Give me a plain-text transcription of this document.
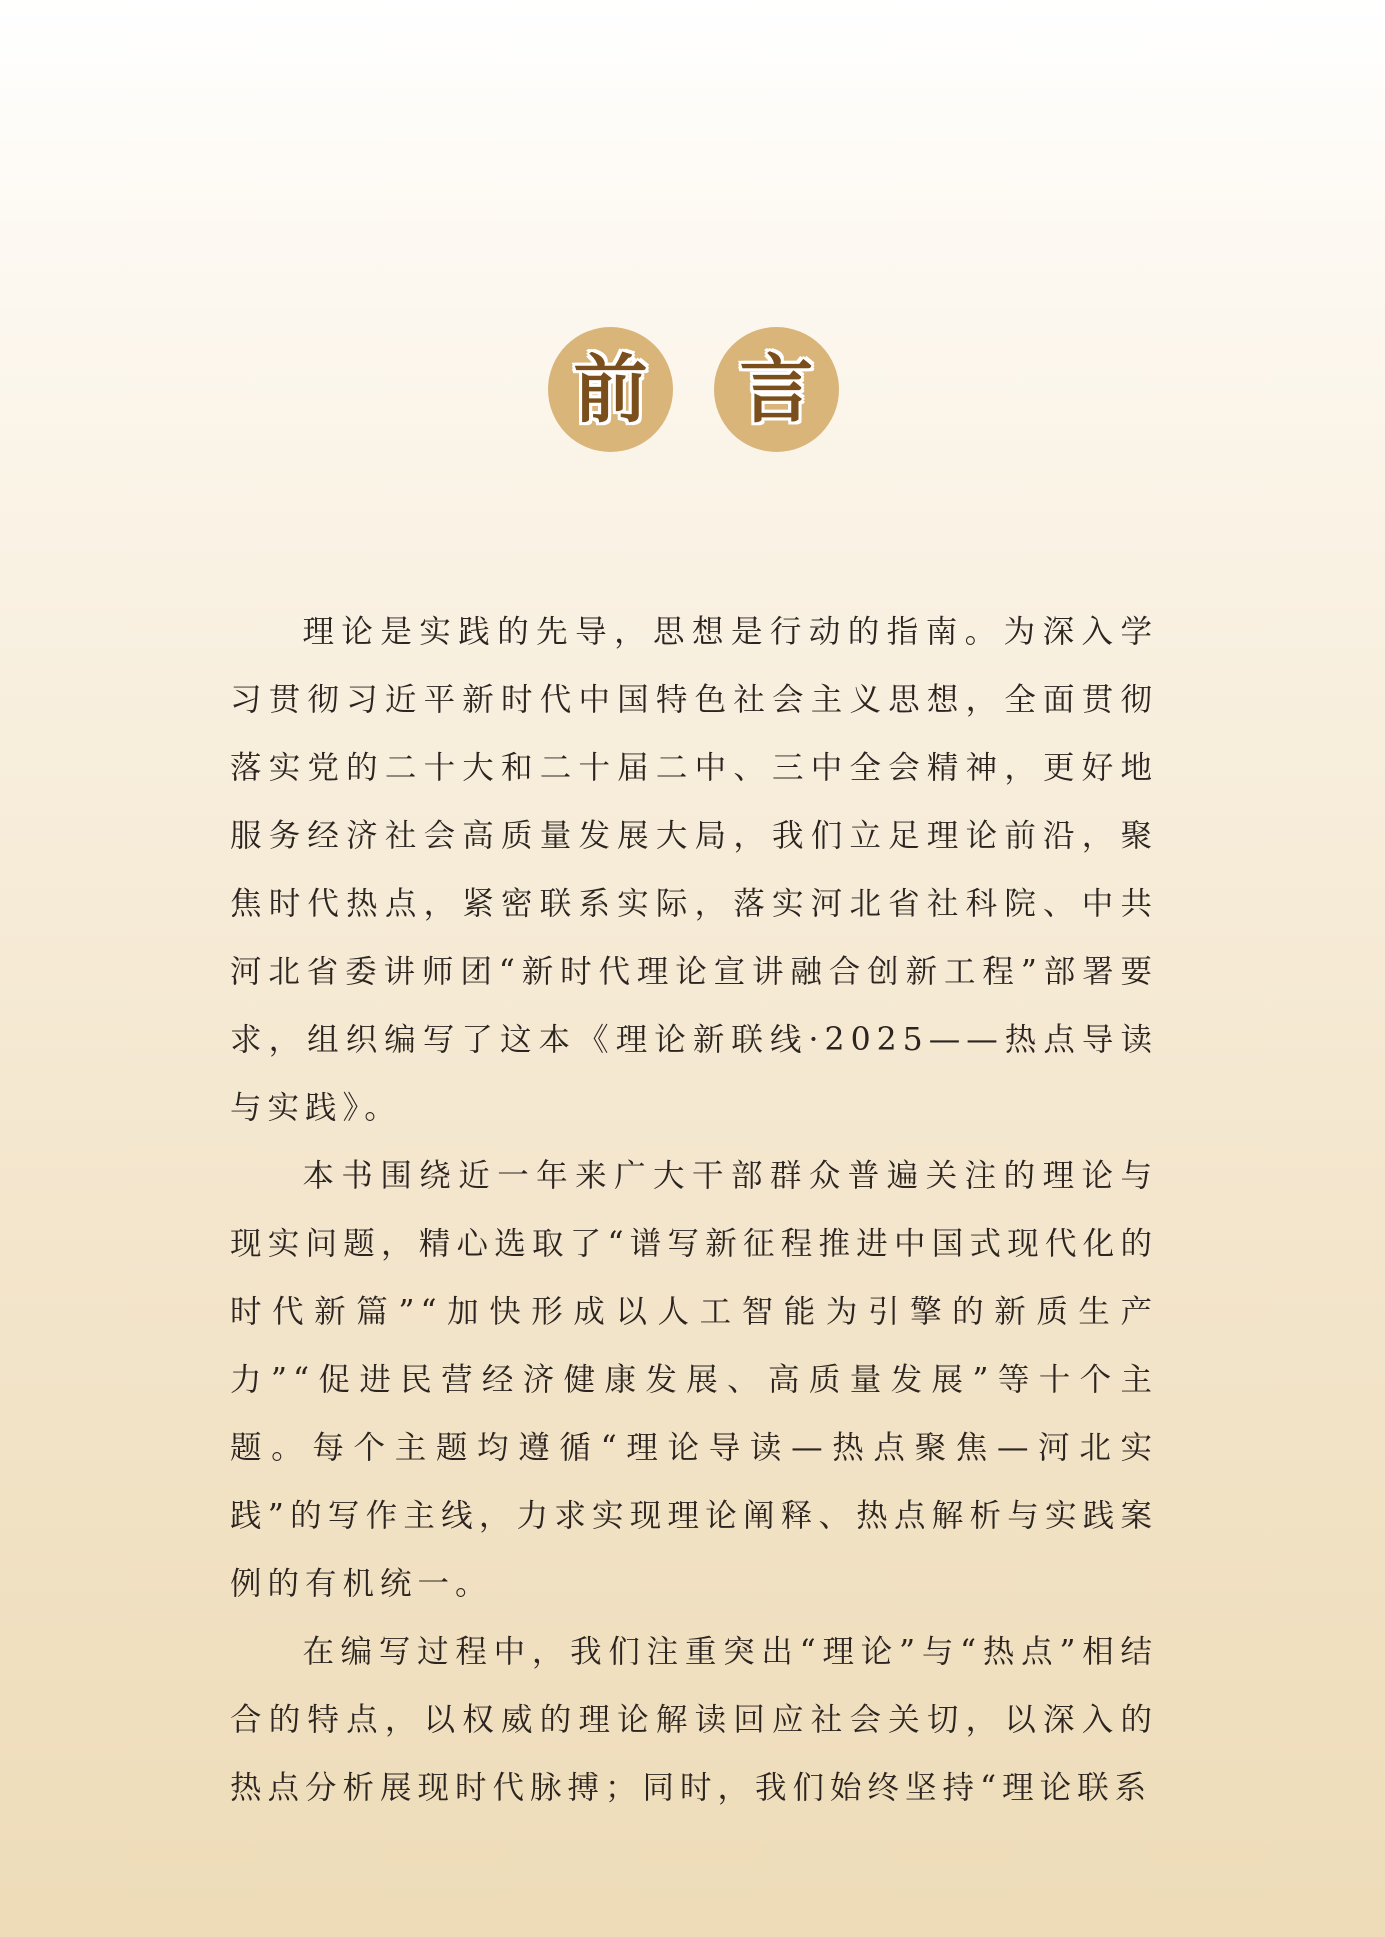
前 言

理论是实践的先导，思想是行动的指南。为深入学习贯彻习近平新时代中国特色社会主义思想，全面贯彻落实党的二十大和二十届二中、三中全会精神，更好地服务经济社会高质量发展大局，我们立足理论前沿，聚焦时代热点，紧密联系实际，落实河北省社科院、中共河北省委讲师团“新时代理论宣讲融合创新工程”部署要求，组织编写了这本《理论新联线·2025——热点导读与实践》。

本书围绕近一年来广大干部群众普遍关注的理论与现实问题，精心选取了“谱写新征程推进中国式现代化的时代新篇”“加快形成以人工智能为引擎的新质生产力”“促进民营经济健康发展、高质量发展”等十个主题。每个主题均遵循“理论导读—热点聚焦—河北实践”的写作主线，力求实现理论阐释、热点解析与实践案例的有机统一。

在编写过程中，我们注重突出“理论”与“热点”相结合的特点，以权威的理论解读回应社会关切，以深入的热点分析展现时代脉搏；同时，我们始终坚持“理论联系
